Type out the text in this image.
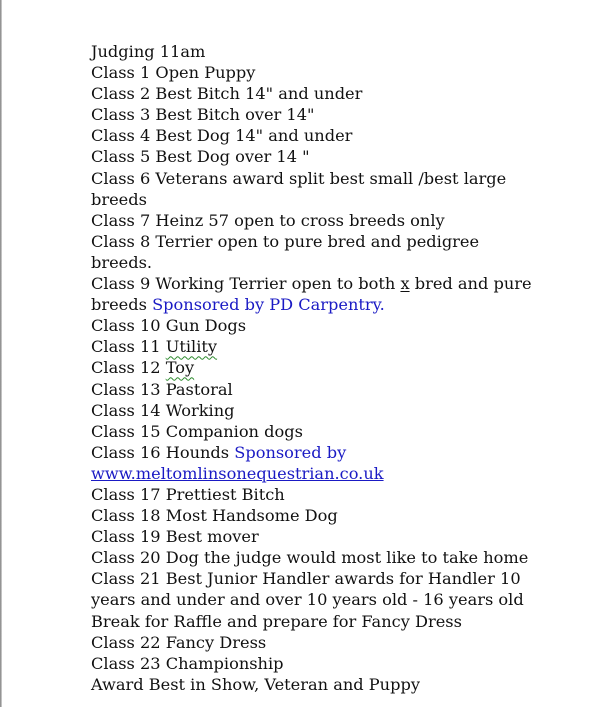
Judging 11am
Class 1 Open Puppy
Class 2 Best Bitch 14" and under
Class 3 Best Bitch over 14"
Class 4 Best Dog 14" and under
Class 5 Best Dog over 14 "
Class 6 Veterans award split best small /best large
breeds
Class 7 Heinz 57 open to cross breeds only
Class 8 Terrier open to pure bred and pedigree
breeds.
Class 9 Working Terrier open to both x bred and pure
breeds Sponsored by PD Carpentry.
Class 10 Gun Dogs
Class 11 Utility
Class 12 Toy
Class 13 Pastoral
Class 14 Working
Class 15 Companion dogs
Class 16 Hounds Sponsored by
www.meltomlinsonequestrian.co.uk
Class 17 Prettiest Bitch
Class 18 Most Handsome Dog
Class 19 Best mover
Class 20 Dog the judge would most like to take home
Class 21 Best Junior Handler awards for Handler 10
years and under and over 10 years old - 16 years old
Break for Raffle and prepare for Fancy Dress
Class 22 Fancy Dress
Class 23 Championship
Award Best in Show, Veteran and Puppy
